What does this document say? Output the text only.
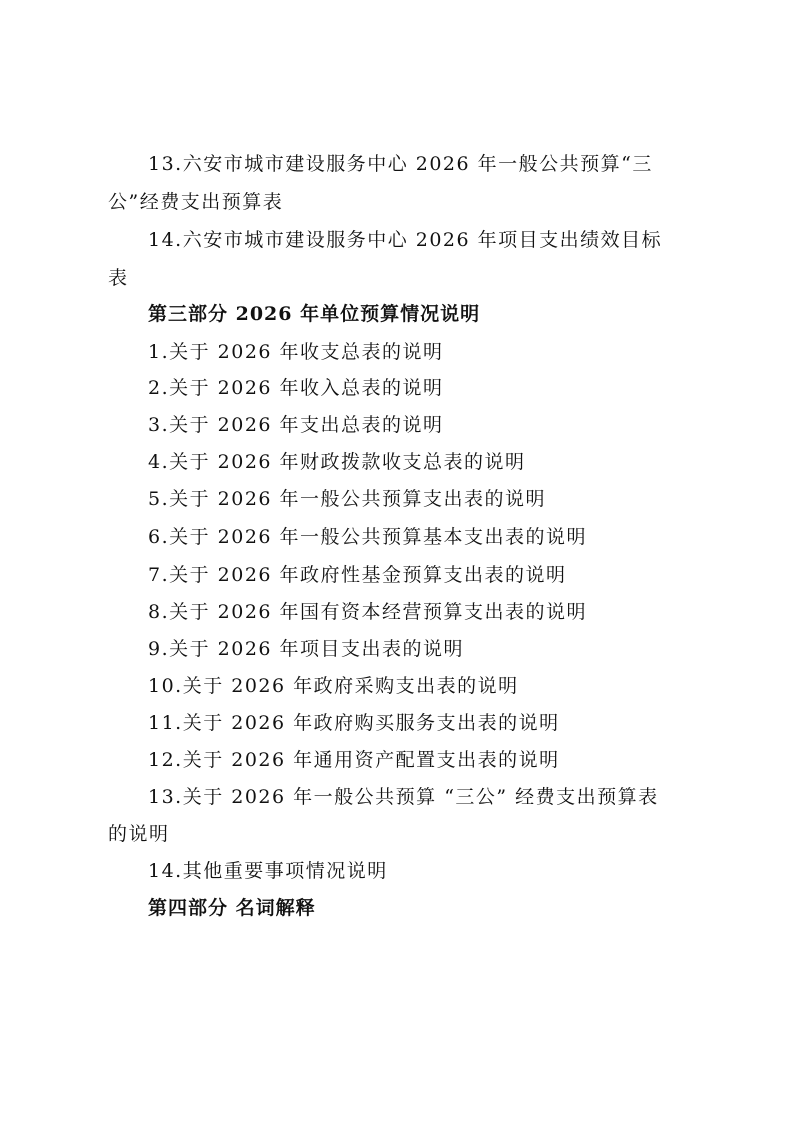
13.六安市城市建设服务中心 2026 年一般公共预算“三
公”经费支出预算表
14.六安市城市建设服务中心 2026 年项目支出绩效目标
表
第三部分 2026 年单位预算情况说明
1.关于 2026 年收支总表的说明
2.关于 2026 年收入总表的说明
3.关于 2026 年支出总表的说明
4.关于 2026 年财政拨款收支总表的说明
5.关于 2026 年一般公共预算支出表的说明
6.关于 2026 年一般公共预算基本支出表的说明
7.关于 2026 年政府性基金预算支出表的说明
8.关于 2026 年国有资本经营预算支出表的说明
9.关于 2026 年项目支出表的说明
10.关于 2026 年政府采购支出表的说明
11.关于 2026 年政府购买服务支出表的说明
12.关于 2026 年通用资产配置支出表的说明
13.关于 2026 年一般公共预算 “三公” 经费支出预算表
的说明
14.其他重要事项情况说明
第四部分 名词解释
